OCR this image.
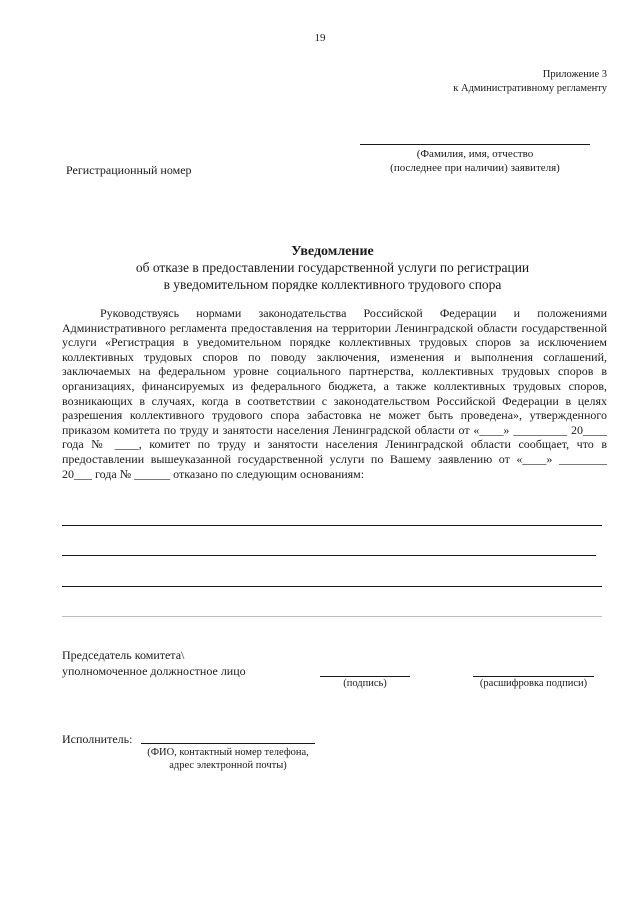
19
Приложение 3
к Административному регламенту
(Фамилия, имя, отчество
(последнее при наличии) заявителя)
Регистрационный номер
Уведомление
об отказе в предоставлении государственной услуги по регистрации
в уведомительном порядке коллективного трудового спора
Руководствуясь нормами законодательства Российской Федерации и положениями Административного регламента предоставления на территории Ленинградской области государственной услуги «Регистрация в уведомительном порядке коллективных трудовых споров за исключением коллективных трудовых споров по поводу заключения, изменения и выполнения соглашений, заключаемых на федеральном уровне социального партнерства, коллективных трудовых споров в организациях, финансируемых из федерального бюджета, а также коллективных трудовых споров, возникающих в случаях, когда в соответствии с законодательством Российской Федерации в целях разрешения коллективного трудового спора забастовка не может быть проведена», утвержденного приказом комитета по труду и занятости населения Ленинградской области от «____» _________ 20____ года № ____, комитет по труду и занятости населения Ленинградской области сообщает, что в предоставлении вышеуказанной государственной услуги по Вашему заявлению от «____» ________ 20___ года № ______ отказано по следующим основаниям:
Председатель комитета\
уполномоченное должностное лицо
(подпись)	(расшифровка подписи)
Исполнитель:
(ФИО, контактный номер телефона,
адрес электронной почты)
